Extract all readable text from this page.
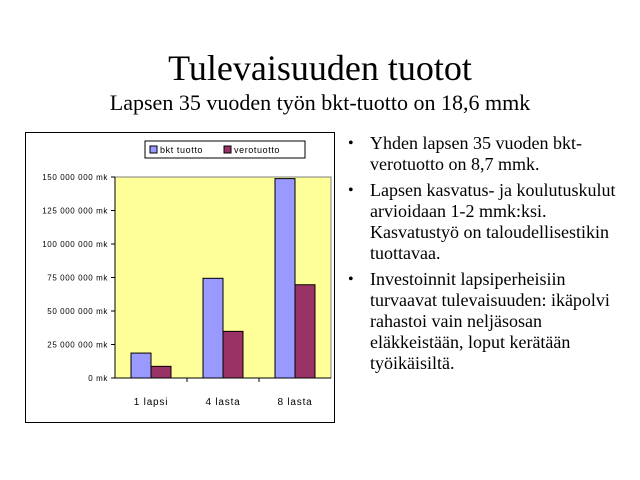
Tulevaisuuden tuotot
Lapsen 35 vuoden työn bkt-tuotto on 18,6 mmk
0 mk
25 000 000 mk
50 000 000 mk
75 000 000 mk
100 000 000 mk
125 000 000 mk
150 000 000 mk
1 lapsi	4 lasta	8 lasta
bkt tuotto	verotuotto	• Yhden lapsen 35 vuoden bkt-verotuotto on 8,7 mmk.
• Lapsen kasvatus- ja koulutuskulut arvioidaan 1-2 mmk:ksi. Kasvatustyö on taloudellisestikin tuottavaa.
• Investoinnit lapsiperheisiin turvaavat tulevaisuuden: ikäpolvi rahastoi vain neljäsosan eläkkeistään, loput kerätään työikäisiltä.
